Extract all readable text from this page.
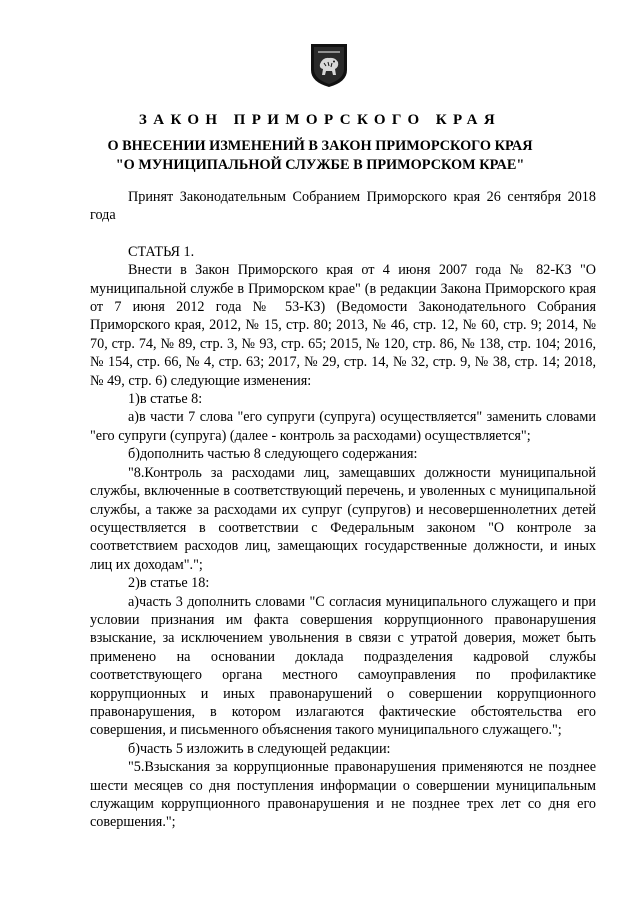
ЗАКОН ПРИМОРСКОГО КРАЯ
О ВНЕСЕНИИ ИЗМЕНЕНИЙ В ЗАКОН ПРИМОРСКОГО КРАЯ
"О МУНИЦИПАЛЬНОЙ СЛУЖБЕ В ПРИМОРСКОМ КРАЕ"

Принят Законодательным Собранием Приморского края 26 сентября 2018 года

СТАТЬЯ 1.

Внести в Закон Приморского края от 4 июня 2007 года № 82-КЗ "О муниципальной службе в Приморском крае" (в редакции Закона Приморского края от 7 июня 2012 года № 53-КЗ) (Ведомости Законодательного Собрания Приморского края, 2012, № 15, стр. 80; 2013, № 46, стр. 12, № 60, стр. 9; 2014, № 70, стр. 74, № 89, стр. 3, № 93, стр. 65; 2015, № 120, стр. 86, № 138, стр. 104; 2016, № 154, стр. 66, № 4, стр. 63; 2017, № 29, стр. 14, № 32, стр. 9, № 38, стр. 14; 2018, № 49, стр. 6) следующие изменения:

1)в статье 8:

а)в части 7 слова "его супруги (супруга) осуществляется" заменить словами "его супруги (супруга) (далее - контроль за расходами) осуществляется";

б)дополнить частью 8 следующего содержания:

"8.Контроль за расходами лиц, замещавших должности муниципальной службы, включенные в соответствующий перечень, и уволенных с муниципальной службы, а также за расходами их супруг (супругов) и несовершеннолетних детей осуществляется в соответствии с Федеральным законом "О контроле за соответствием расходов лиц, замещающих государственные должности, и иных лиц их доходам".";

2)в статье 18:

а)часть 3 дополнить словами "С согласия муниципального служащего и при условии признания им факта совершения коррупционного правонарушения взыскание, за исключением увольнения в связи с утратой доверия, может быть применено на основании доклада подразделения кадровой службы соответствующего органа местного самоуправления по профилактике коррупционных и иных правонарушений о совершении коррупционного правонарушения, в котором излагаются фактические обстоятельства его совершения, и письменного объяснения такого муниципального служащего.";

б)часть 5 изложить в следующей редакции:

"5.Взыскания за коррупционные правонарушения применяются не позднее шести месяцев со дня поступления информации о совершении муниципальным служащим коррупционного правонарушения и не позднее трех лет со дня его совершения.";
